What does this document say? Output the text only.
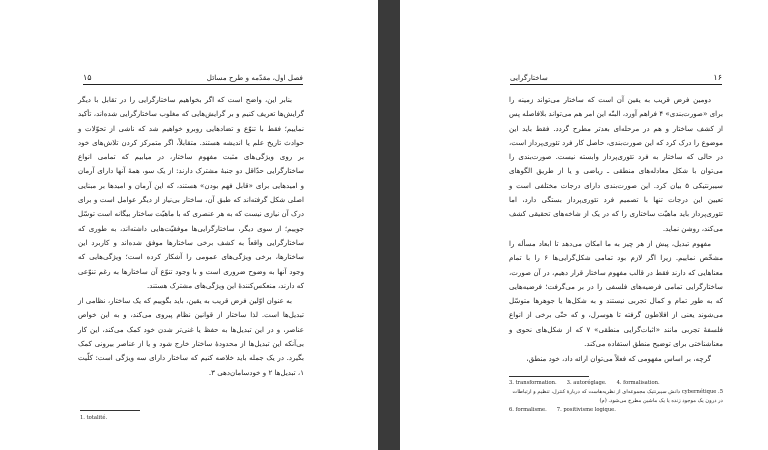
۱۵	فصل اول، مقدّمه و طرح مسائل

بنابر این، واضح است که اگر بخواهیم ساختارگرایی را در تقابل با دیگر گرایش‌ها تعریف کنیم و بر گرایش‌هایی که مغلوب ساختارگرایی شده‌اند، تأکید نماییم؛ فقط با تنوّع و تضادهایی روبرو خواهیم شد که ناشی از تحوّلات و حوادث تاریخ علم یا اندیشه هستند. متقابلاً، اگر متمرکز کردن تلاش‌های خود بر روی ویژگی‌های مثبت مفهوم ساختار، در میابیم که تمامی انواع ساختارگرایی حدّاقل دو جنبهٔ مشترک دارند: از یک سو، همهٔ آنها دارای آرمان و امیدهایی برای «قابل فهم بودن» هستند، که این آرمان و امیدها بر مبنایی اصلی شکل گرفته‌اند که طبق آن، ساختار بی‌نیاز از دیگر عوامل است و برای درک آن نیازی نیست که به هر عنصری که با ماهیّت ساختار بیگانه است توسّل جوییم؛ از سوی دیگر، ساختارگرایی‌ها موفقیّت‌هایی داشته‌اند، به طوری که ساختارگرایی واقعاً به کشف برخی ساختارها موفق شده‌اند و کاربرد این ساختارها، برخی ویژگی‌های عمومی را آشکار کرده است؛ ویژگی‌هایی که وجود آنها به وضوح ضروری است و با وجود تنوّع آن ساختارها به رغم تنوّعی که دارند، منعکس‌کنندهٔ این ویژگی‌های مشترک هستند.

به عنوان اوّلین فرض قریب به یقین، باید بگوییم که یک ساختار، نظامی از تبدیل‌ها است. لذا ساختار از قوانین نظام پیروی می‌کند، و به این خواص عناصر، و در این تبدیل‌ها به حفظ یا غنی‌تر شدن خود کمک می‌کند، این کار بی‌آنکه این تبدیل‌ها از محدودهٔ ساختار خارج شود و یا از عناصر بیرونی کمک بگیرد. در یک جمله باید خلاصه کنیم که ساختار دارای سه ویژگی است: کلّیت ۱، تبدیل‌ها ۲ و خودسامان‌دهی ۳.

1. totalité.
ساختارگرایی	۱۶

دومین فرض قریب به یقین آن است که ساختار می‌تواند زمینه را برای «صورت‌بندی» ۴ فراهم آورد، البتّه این امر هم می‌تواند بلافاصله پس از کشف ساختار و هم در مرحله‌ای بعدتر مطرح گردد. فقط باید این موضوع را درک کرد که این صورت‌بندی، حاصل کار فرد تئوری‌پرداز است، در حالی که ساختار به فرد تئوری‌پرداز وابسته نیست. صورت‌بندی را می‌توان با شکل معادله‌های منطقی ـ ریاضی و یا از طریق الگوهای سیبرنتیکی ۵ بیان کرد. این صورت‌بندی دارای درجات مختلفی است و تعیین این درجات تنها با تصمیم فرد تئوری‌پرداز بستگی دارد، اما تئوری‌پرداز باید ماهیّت ساختاری را که در یک از شاخه‌های تحقیقی کشف می‌کند، روشن نماید.

مفهوم تبدیل، پیش از هر چیز به ما امکان می‌دهد تا ابعاد مسأله را مشخّص نماییم. زیرا اگر لازم بود تمامی شکل‌گرایی‌ها ۶ را با تمام معناهایی که دارند فقط در قالب مفهوم ساختار قرار دهیم، در آن صورت، ساختارگرایی تمامی فرضیه‌های فلسفی را در بر می‌گرفت؛ فرضیه‌هایی که به طور تمام و کمال تجربی نیستند و به شکل‌ها یا جوهرها متوسّل می‌شوند یعنی از افلاطون گرفته تا هوسرل، و که حتّی برخی از انواع فلسفهٔ تجربی مانند «اثبات‌گرایی منطقی» ۷ که از شکل‌های نحوی و معناشناختی برای توضیح منطق استفاده می‌کند.

گرچه، بر اساس مفهومی که فعلاً می‌توان ارائه داد، خود منطق،

3. transformation. 3. autoréglage. 4. formalisation.
5. cybernétique دانش سیبرنتیک مجموعه‌ای از نظریه‌هاست که دربارهٔ کنترل، تنظیم و ارتباطات در درون یک موجود زنده یا یک ماشین مطرح می‌شود. (م)
6. formalisme. 7. positivisme logique.
